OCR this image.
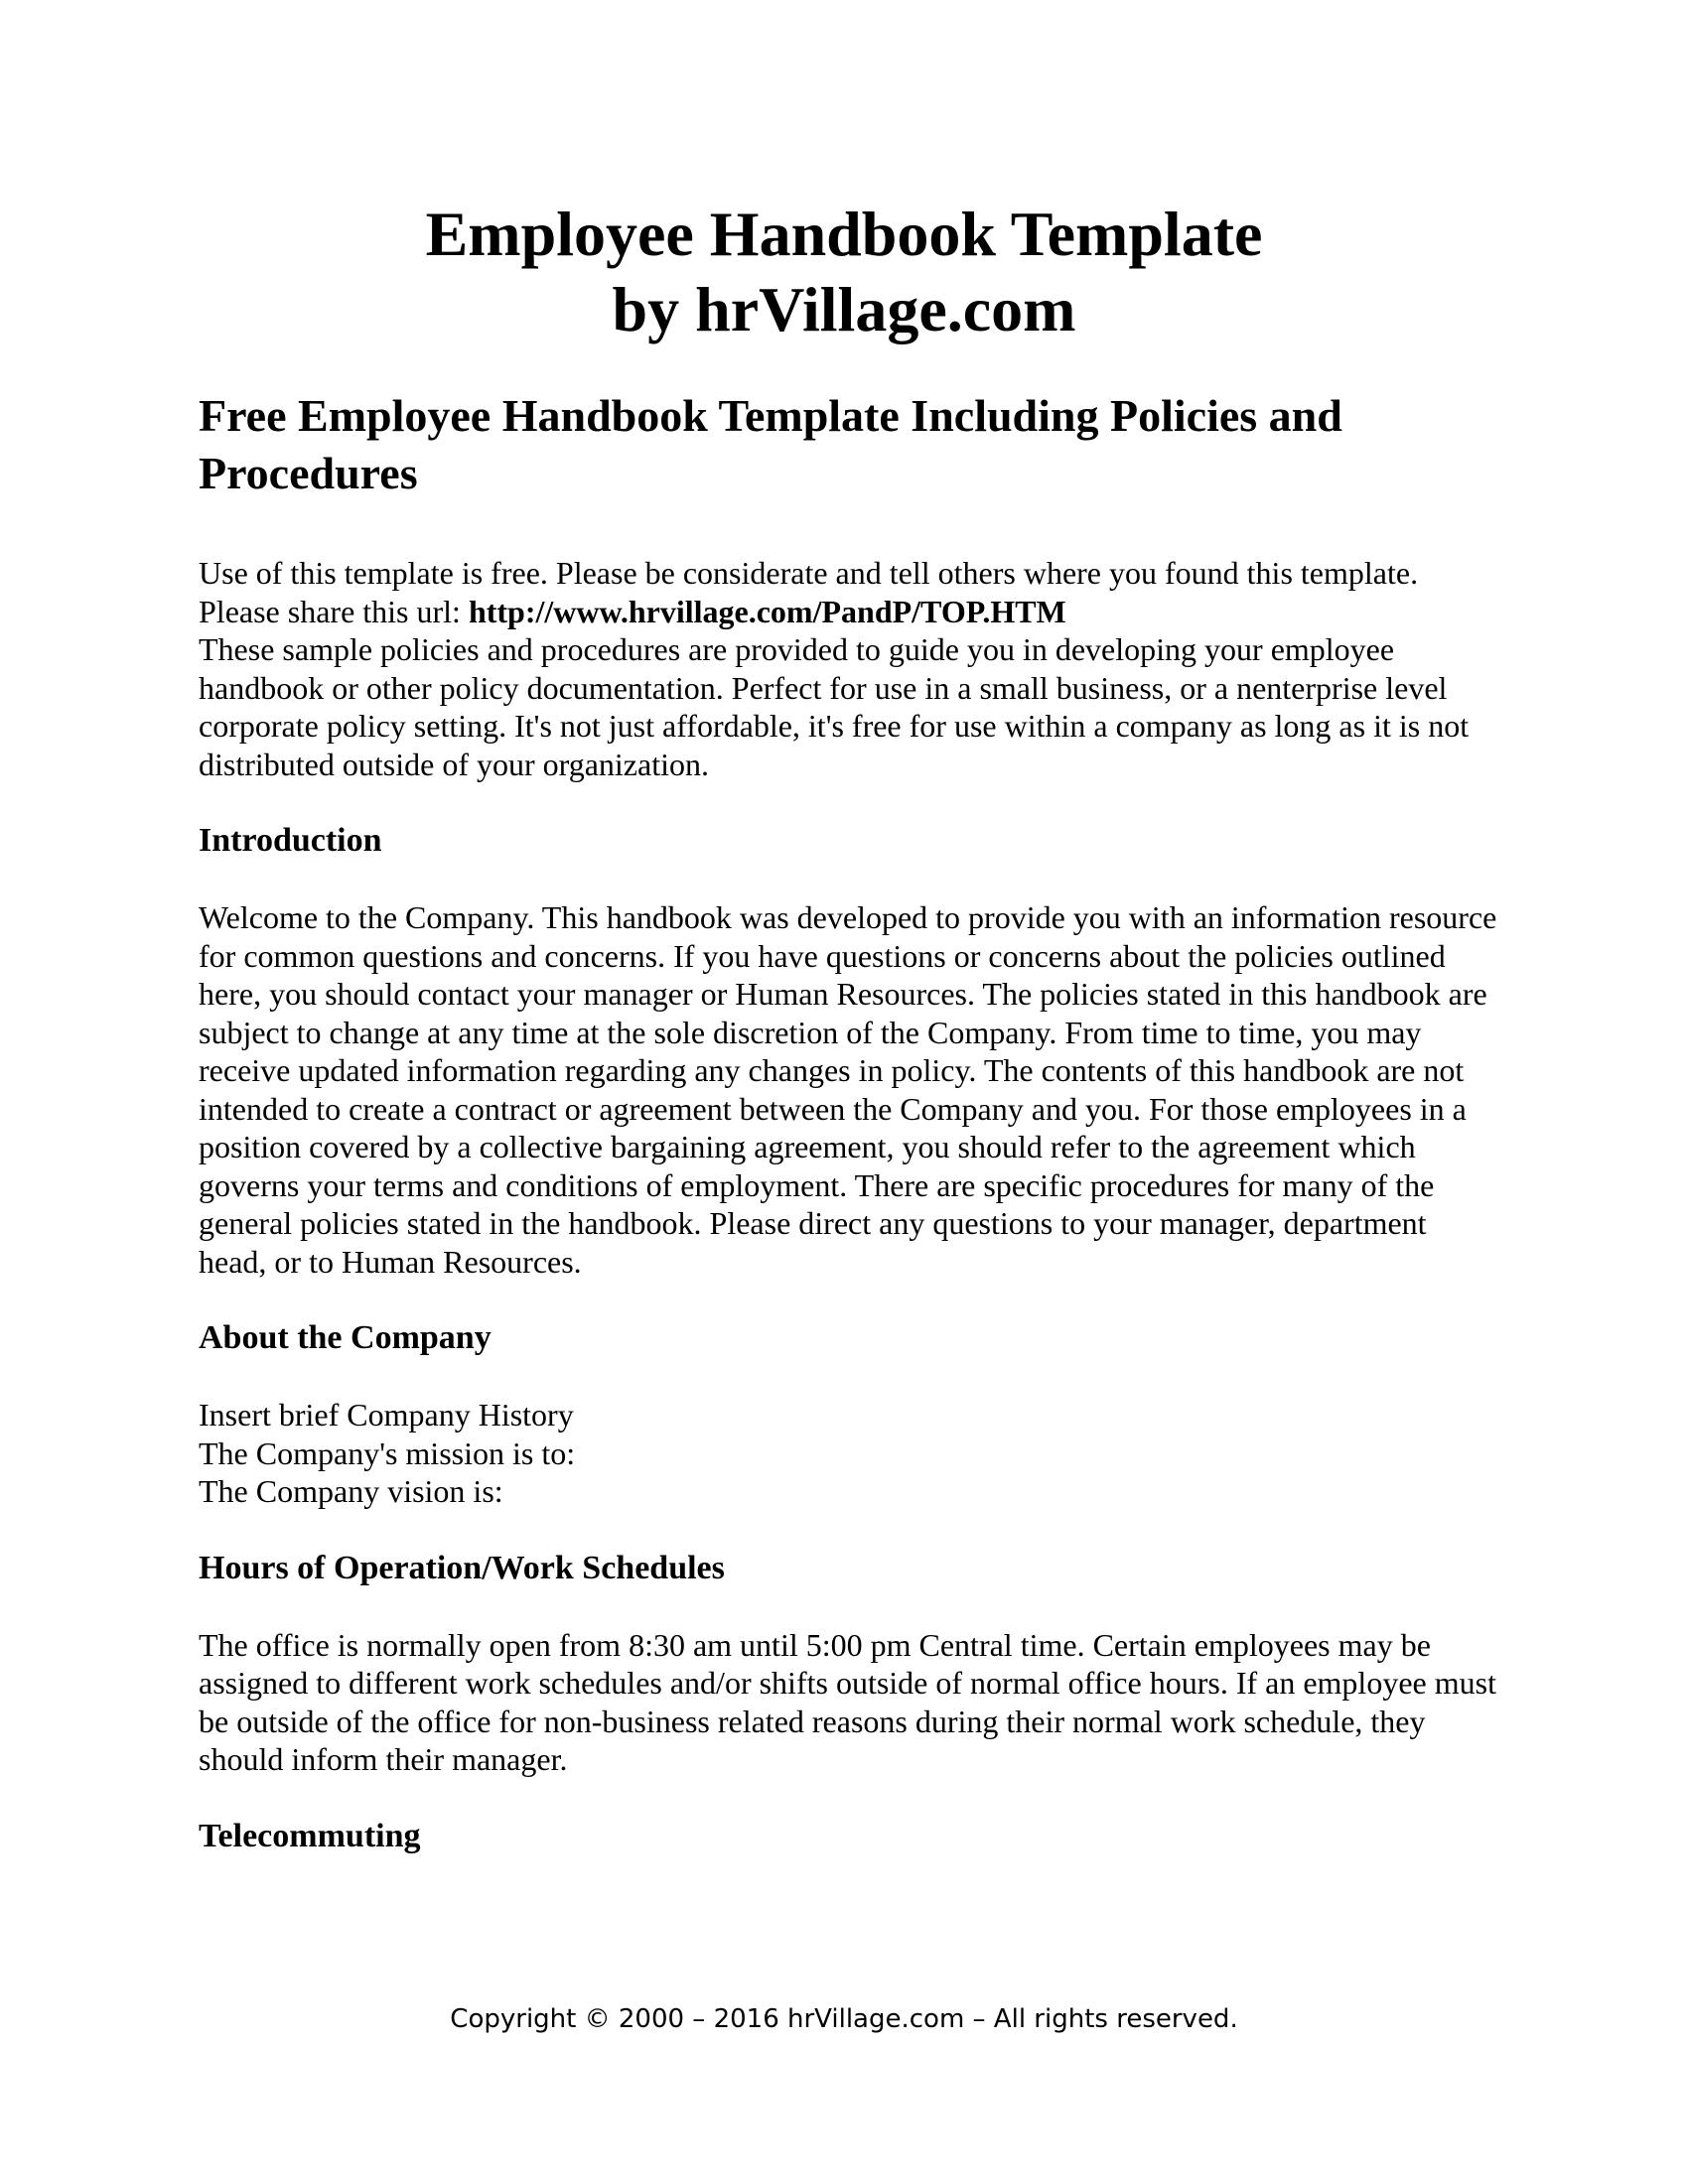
Employee Handbook Template
by hrVillage.com
Free Employee Handbook Template Including Policies and Procedures

Use of this template is free. Please be considerate and tell others where you found this template.
Please share this url: http://www.hrvillage.com/PandP/TOP.HTM
These sample policies and procedures are provided to guide you in developing your employee handbook or other policy documentation. Perfect for use in a small business, or a nenterprise level corporate policy setting. It's not just affordable, it's free for use within a company as long as it is not distributed outside of your organization.

Introduction

Welcome to the Company. This handbook was developed to provide you with an information resource for common questions and concerns. If you have questions or concerns about the policies outlined here, you should contact your manager or Human Resources. The policies stated in this handbook are subject to change at any time at the sole discretion of the Company. From time to time, you may receive updated information regarding any changes in policy. The contents of this handbook are not intended to create a contract or agreement between the Company and you. For those employees in a position covered by a collective bargaining agreement, you should refer to the agreement which governs your terms and conditions of employment. There are specific procedures for many of the general policies stated in the handbook. Please direct any questions to your manager, department head, or to Human Resources.

About the Company

Insert brief Company History
The Company's mission is to:
The Company vision is:

Hours of Operation/Work Schedules

The office is normally open from 8:30 am until 5:00 pm Central time. Certain employees may be assigned to different work schedules and/or shifts outside of normal office hours. If an employee must be outside of the office for non-business related reasons during their normal work schedule, they should inform their manager.

Telecommuting
Copyright © 2000 – 2016 hrVillage.com – All rights reserved.
